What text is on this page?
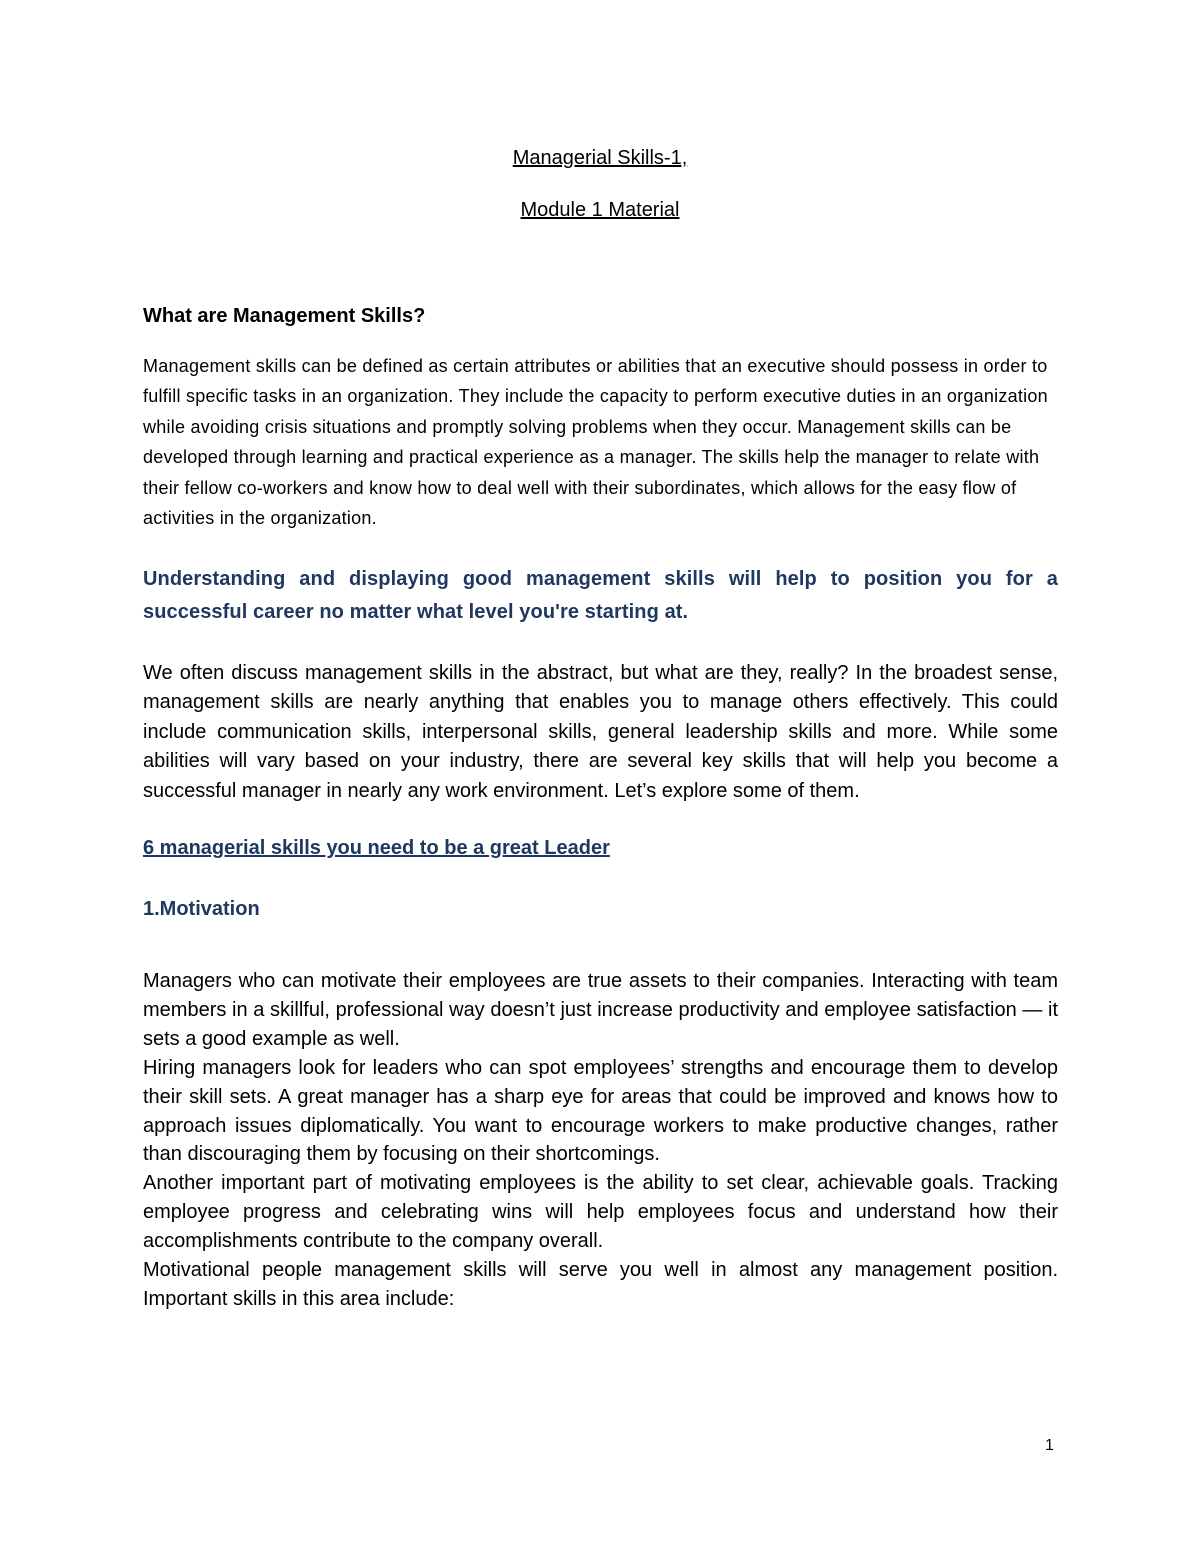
Managerial Skills-1,
Module 1 Material
What are Management Skills?
Management skills can be defined as certain attributes or abilities that an executive should possess in order to fulfill specific tasks in an organization. They include the capacity to perform executive duties in an organization while avoiding crisis situations and promptly solving problems when they occur. Management skills can be developed through learning and practical experience as a manager. The skills help the manager to relate with their fellow co-workers and know how to deal well with their subordinates, which allows for the easy flow of activities in the organization.
Understanding and displaying good management skills will help to position you for a successful career no matter what level you're starting at.
We often discuss management skills in the abstract, but what are they, really? In the broadest sense, management skills are nearly anything that enables you to manage others effectively. This could include communication skills, interpersonal skills, general leadership skills and more. While some abilities will vary based on your industry, there are several key skills that will help you become a successful manager in nearly any work environment. Let’s explore some of them.
6 managerial skills you need to be a great Leader
1.Motivation

Managers who can motivate their employees are true assets to their companies. Interacting with team members in a skillful, professional way doesn’t just increase productivity and employee satisfaction — it sets a good example as well.

Hiring managers look for leaders who can spot employees’ strengths and encourage them to develop their skill sets. A great manager has a sharp eye for areas that could be improved and knows how to approach issues diplomatically. You want to encourage workers to make productive changes, rather than discouraging them by focusing on their shortcomings.

Another important part of motivating employees is the ability to set clear, achievable goals. Tracking employee progress and celebrating wins will help employees focus and understand how their accomplishments contribute to the company overall.

Motivational people management skills will serve you well in almost any management position. Important skills in this area include:

1
